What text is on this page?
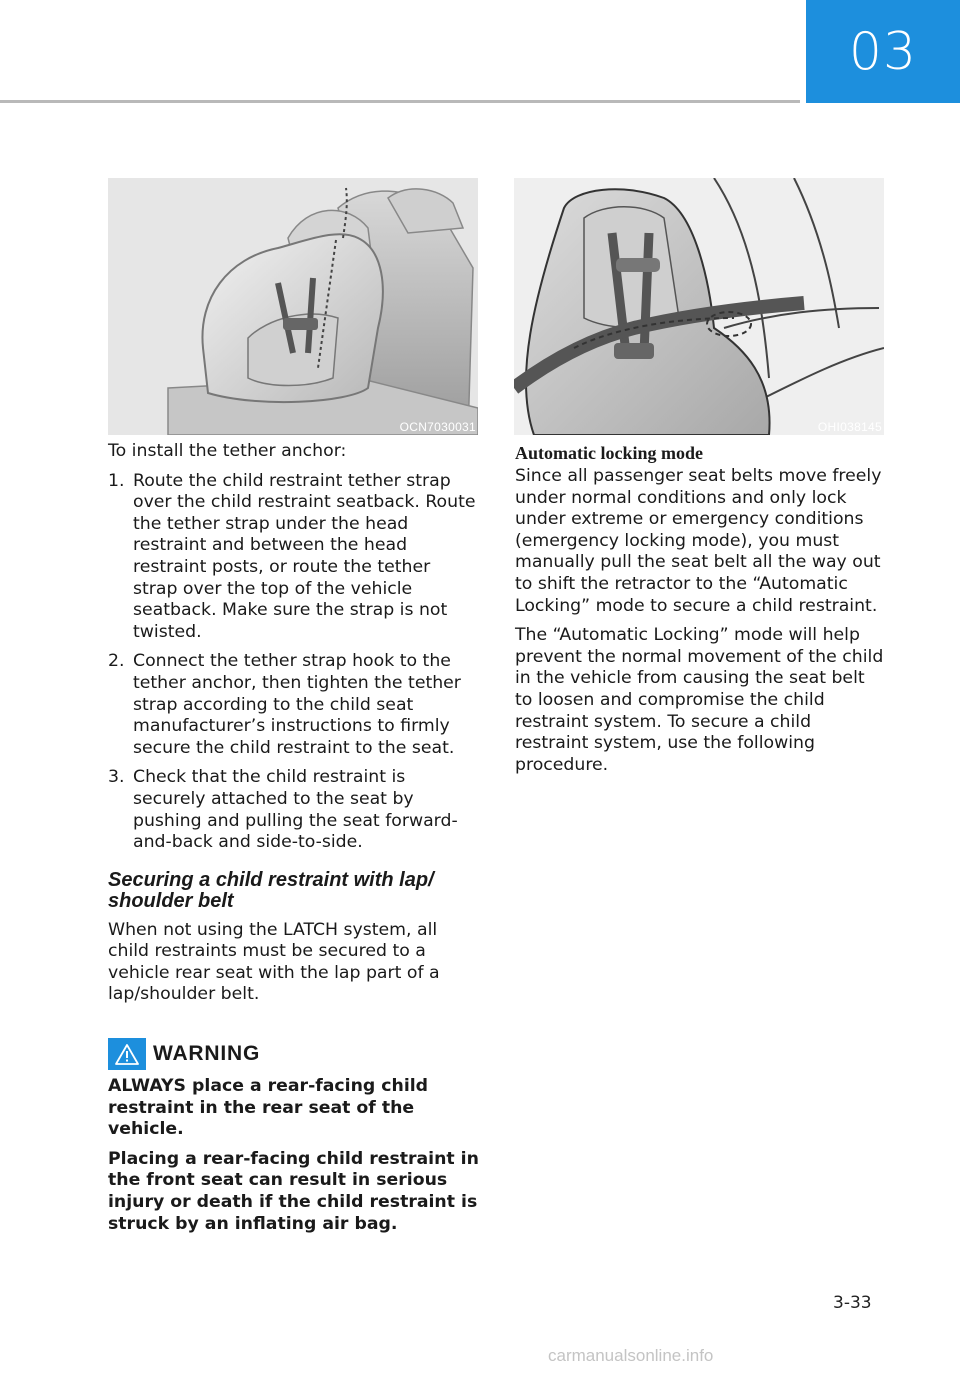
03
OCN7030031	OHI038145

To install the tether anchor:

1. Route the child restraint tether strap over the child restraint seatback. Route the tether strap under the head restraint and between the head restraint posts, or route the tether strap over the top of the vehicle seatback. Make sure the strap is not twisted.
2. Connect the tether strap hook to the tether anchor, then tighten the tether strap according to the child seat manufacturer’s instructions to firmly secure the child restraint to the seat.
3. Check that the child restraint is securely attached to the seat by pushing and pulling the seat forward-and-back and side-to-side.
Securing a child restraint with lap/ shoulder belt

When not using the LATCH system, all child restraints must be secured to a vehicle rear seat with the lap part of a lap/shoulder belt.

WARNING

ALWAYS place a rear-facing child restraint in the rear seat of the vehicle.

Placing a rear-facing child restraint in the front seat can result in serious injury or death if the child restraint is struck by an inflating air bag.

Automatic locking mode

Since all passenger seat belts move freely under normal conditions and only lock under extreme or emergency conditions (emergency locking mode), you must manually pull the seat belt all the way out to shift the retractor to the “Automatic Locking” mode to secure a child restraint.

The “Automatic Locking” mode will help prevent the normal movement of the child in the vehicle from causing the seat belt to loosen and compromise the child restraint system. To secure a child restraint system, use the following procedure.

3-33
carmanualsonline.info
